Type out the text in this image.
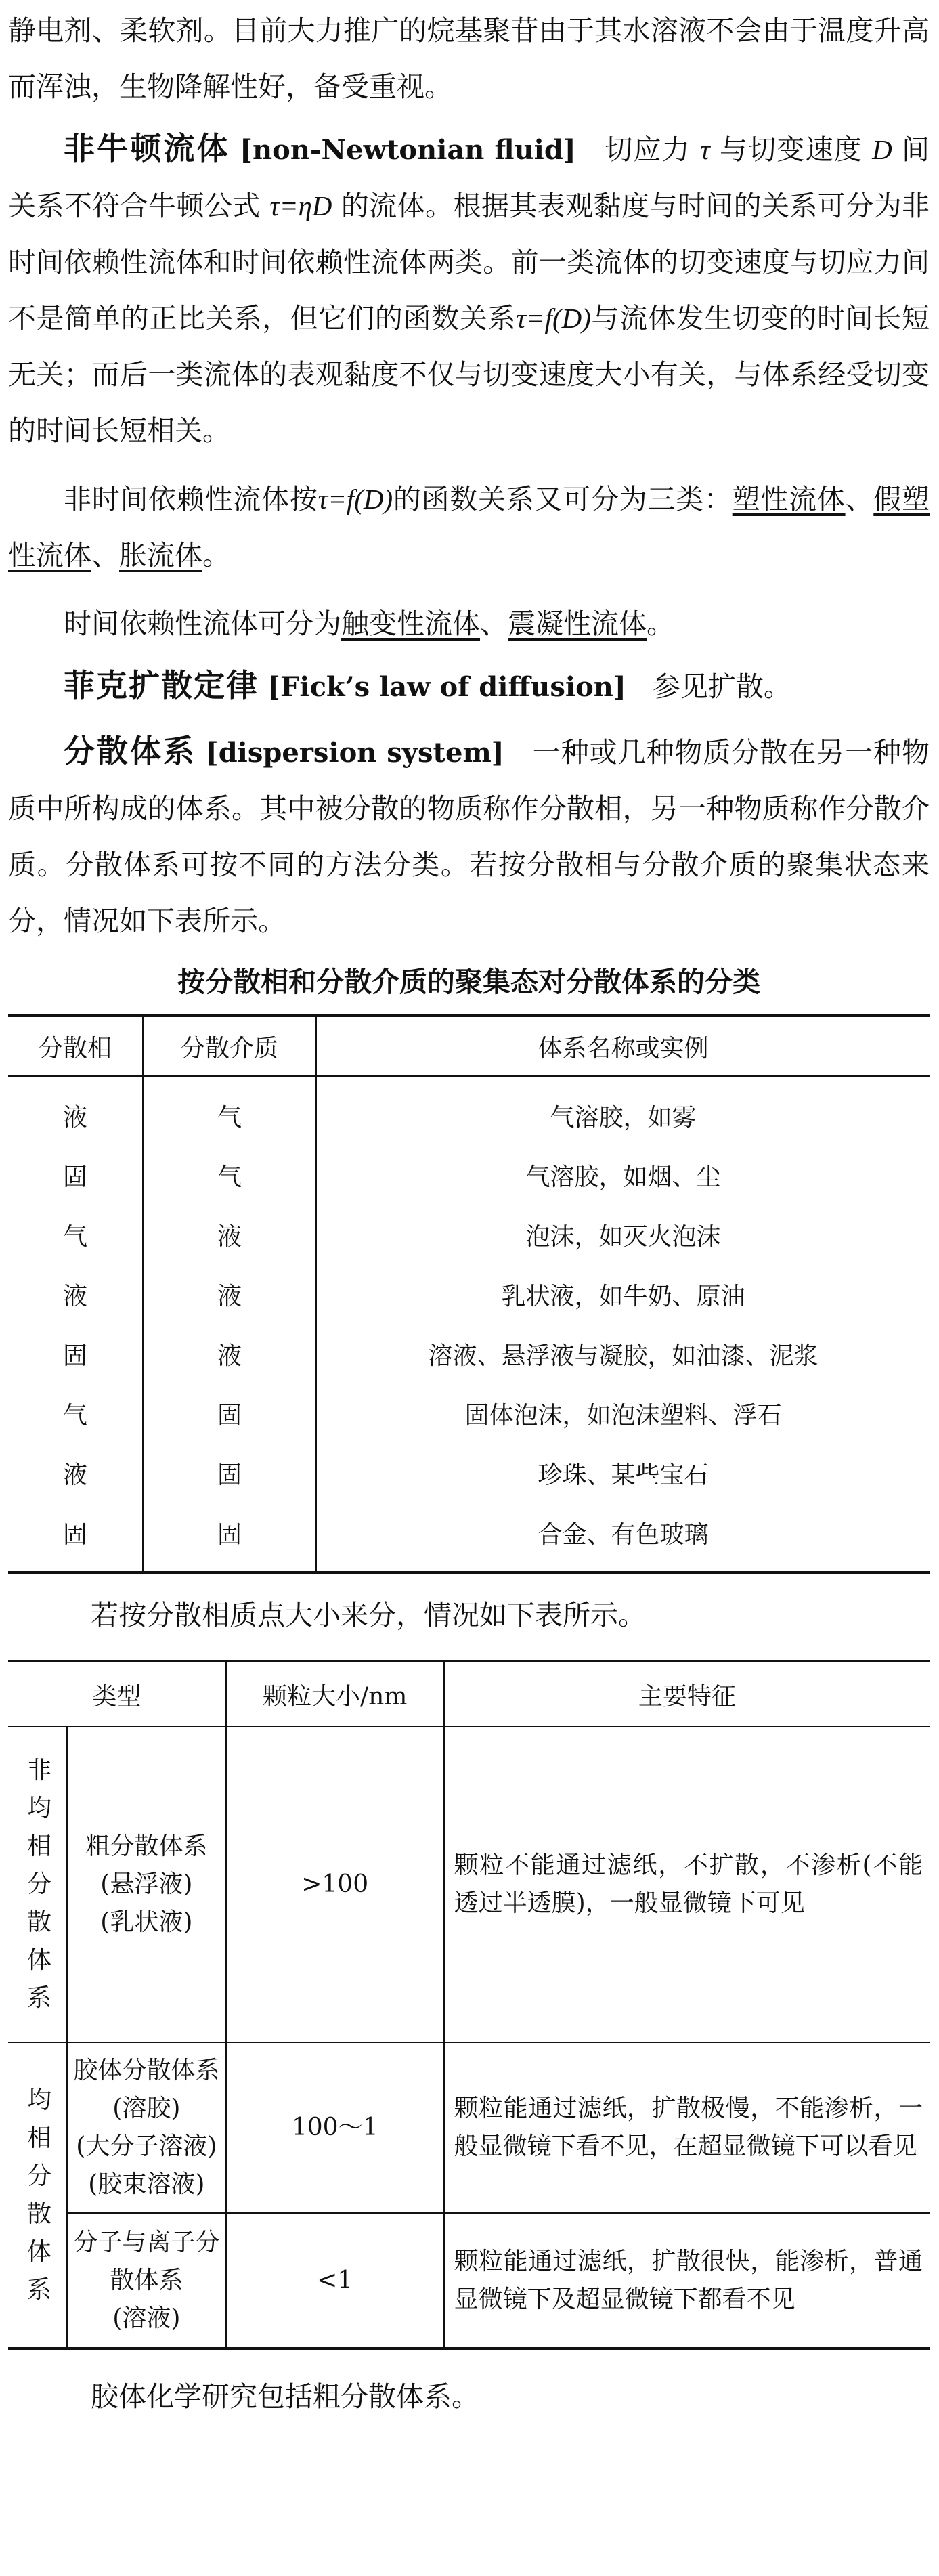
静电剂、柔软剂。目前大力推广的烷基聚苷由于其水溶液不会由于温度升高而浑浊，生物降解性好，备受重视。

非牛顿流体 [non-Newtonian fluid] 切应力 τ 与切变速度 D 间关系不符合牛顿公式 τ=ηD 的流体。根据其表观黏度与时间的关系可分为非时间依赖性流体和时间依赖性流体两类。前一类流体的切变速度与切应力间不是简单的正比关系，但它们的函数关系τ=f(D)与流体发生切变的时间长短无关；而后一类流体的表观黏度不仅与切变速度大小有关，与体系经受切变的时间长短相关。

非时间依赖性流体按τ=f(D)的函数关系又可分为三类：塑性流体、假塑性流体、胀流体。

时间依赖性流体可分为触变性流体、震凝性流体。

菲克扩散定律 [Fick’s law of diffusion] 参见扩散。

分散体系 [dispersion system] 一种或几种物质分散在另一种物质中所构成的体系。其中被分散的物质称作分散相，另一种物质称作分散介质。分散体系可按不同的方法分类。若按分散相与分散介质的聚集状态来分，情况如下表所示。

按分散相和分散介质的聚集态对分散体系的分类

分散相	分散介质	体系名称或实例
液	气	气溶胶，如雾
固	气	气溶胶，如烟、尘
气	液	泡沫，如灭火泡沫
液	液	乳状液，如牛奶、原油
固	液	溶液、悬浮液与凝胶，如油漆、泥浆
气	固	固体泡沫，如泡沫塑料、浮石
液	固	珍珠、某些宝石
固	固	合金、有色玻璃

若按分散相质点大小来分，情况如下表所示。

类型		颗粒大小/nm	主要特征

非均相分散体系	粗分散体系
(悬浮液)
(乳状液)	>100	颗粒不能通过滤纸，不扩散，不渗析(不能透过半透膜)，一般显微镜下可见

均相分散体系	胶体分散体系
(溶胶)
(大分子溶液)
(胶束溶液)	100～1	颗粒能通过滤纸，扩散极慢，不能渗析，一般显微镜下看不见，在超显微镜下可以看见

	分子与离子分散体系
(溶液)	<1	颗粒能通过滤纸，扩散很快，能渗析，普通显微镜下及超显微镜下都看不见

胶体化学研究包括粗分散体系。
